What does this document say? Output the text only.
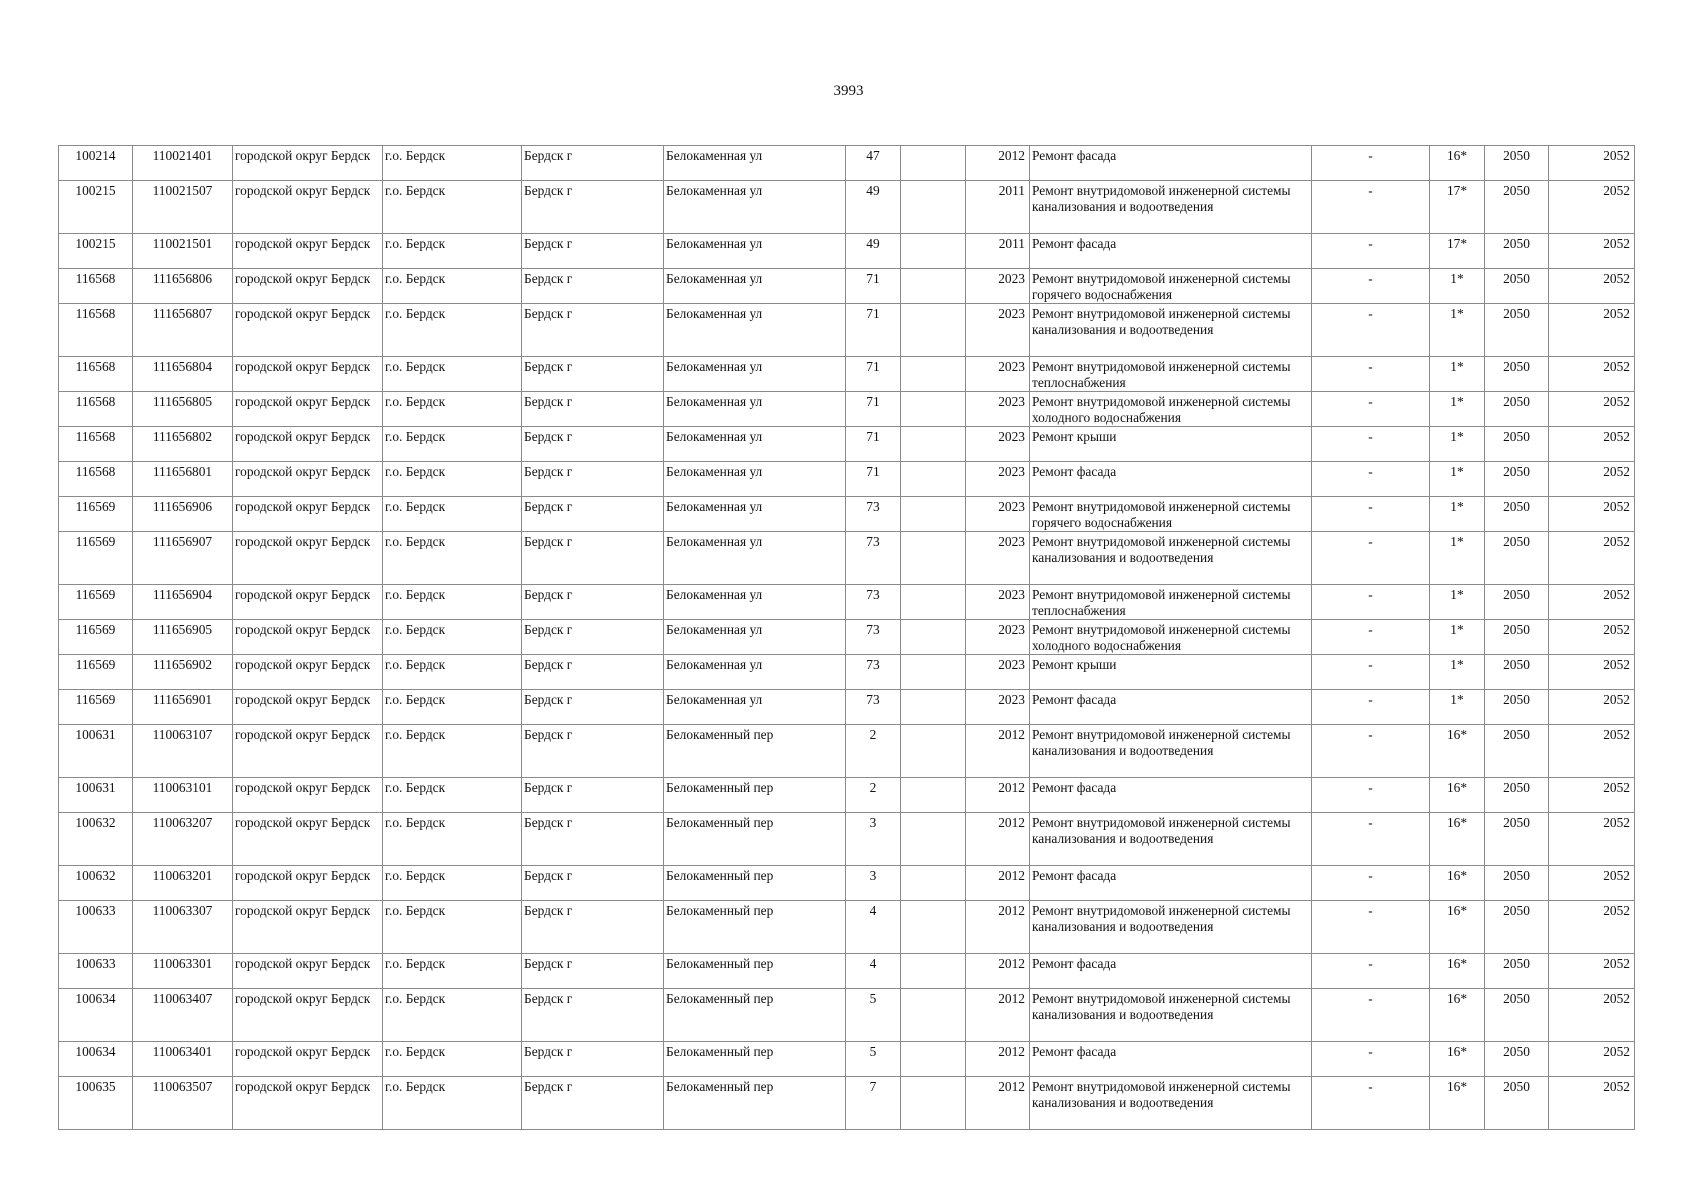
3993
100214	110021401	городской округ Бердск	г.о. Бердск	Бердск г	Белокаменная ул	47		2012	Ремонт фасада	-	16*	2050	2052
100215	110021507	городской округ Бердск	г.о. Бердск	Бердск г	Белокаменная ул	49		2011	Ремонт внутридомовой инженерной системы канализования и водоотведения	-	17*	2050	2052
100215	110021501	городской округ Бердск	г.о. Бердск	Бердск г	Белокаменная ул	49		2011	Ремонт фасада	-	17*	2050	2052
116568	111656806	городской округ Бердск	г.о. Бердск	Бердск г	Белокаменная ул	71		2023	Ремонт внутридомовой инженерной системы горячего водоснабжения	-	1*	2050	2052
116568	111656807	городской округ Бердск	г.о. Бердск	Бердск г	Белокаменная ул	71		2023	Ремонт внутридомовой инженерной системы канализования и водоотведения	-	1*	2050	2052
116568	111656804	городской округ Бердск	г.о. Бердск	Бердск г	Белокаменная ул	71		2023	Ремонт внутридомовой инженерной системы теплоснабжения	-	1*	2050	2052
116568	111656805	городской округ Бердск	г.о. Бердск	Бердск г	Белокаменная ул	71		2023	Ремонт внутридомовой инженерной системы холодного водоснабжения	-	1*	2050	2052
116568	111656802	городской округ Бердск	г.о. Бердск	Бердск г	Белокаменная ул	71		2023	Ремонт крыши	-	1*	2050	2052
116568	111656801	городской округ Бердск	г.о. Бердск	Бердск г	Белокаменная ул	71		2023	Ремонт фасада	-	1*	2050	2052
116569	111656906	городской округ Бердск	г.о. Бердск	Бердск г	Белокаменная ул	73		2023	Ремонт внутридомовой инженерной системы горячего водоснабжения	-	1*	2050	2052
116569	111656907	городской округ Бердск	г.о. Бердск	Бердск г	Белокаменная ул	73		2023	Ремонт внутридомовой инженерной системы канализования и водоотведения	-	1*	2050	2052
116569	111656904	городской округ Бердск	г.о. Бердск	Бердск г	Белокаменная ул	73		2023	Ремонт внутридомовой инженерной системы теплоснабжения	-	1*	2050	2052
116569	111656905	городской округ Бердск	г.о. Бердск	Бердск г	Белокаменная ул	73		2023	Ремонт внутридомовой инженерной системы холодного водоснабжения	-	1*	2050	2052
116569	111656902	городской округ Бердск	г.о. Бердск	Бердск г	Белокаменная ул	73		2023	Ремонт крыши	-	1*	2050	2052
116569	111656901	городской округ Бердск	г.о. Бердск	Бердск г	Белокаменная ул	73		2023	Ремонт фасада	-	1*	2050	2052
100631	110063107	городской округ Бердск	г.о. Бердск	Бердск г	Белокаменный пер	2		2012	Ремонт внутридомовой инженерной системы канализования и водоотведения	-	16*	2050	2052
100631	110063101	городской округ Бердск	г.о. Бердск	Бердск г	Белокаменный пер	2		2012	Ремонт фасада	-	16*	2050	2052
100632	110063207	городской округ Бердск	г.о. Бердск	Бердск г	Белокаменный пер	3		2012	Ремонт внутридомовой инженерной системы канализования и водоотведения	-	16*	2050	2052
100632	110063201	городской округ Бердск	г.о. Бердск	Бердск г	Белокаменный пер	3		2012	Ремонт фасада	-	16*	2050	2052
100633	110063307	городской округ Бердск	г.о. Бердск	Бердск г	Белокаменный пер	4		2012	Ремонт внутридомовой инженерной системы канализования и водоотведения	-	16*	2050	2052
100633	110063301	городской округ Бердск	г.о. Бердск	Бердск г	Белокаменный пер	4		2012	Ремонт фасада	-	16*	2050	2052
100634	110063407	городской округ Бердск	г.о. Бердск	Бердск г	Белокаменный пер	5		2012	Ремонт внутридомовой инженерной системы канализования и водоотведения	-	16*	2050	2052
100634	110063401	городской округ Бердск	г.о. Бердск	Бердск г	Белокаменный пер	5		2012	Ремонт фасада	-	16*	2050	2052
100635	110063507	городской округ Бердск	г.о. Бердск	Бердск г	Белокаменный пер	7		2012	Ремонт внутридомовой инженерной системы канализования и водоотведения	-	16*	2050	2052
